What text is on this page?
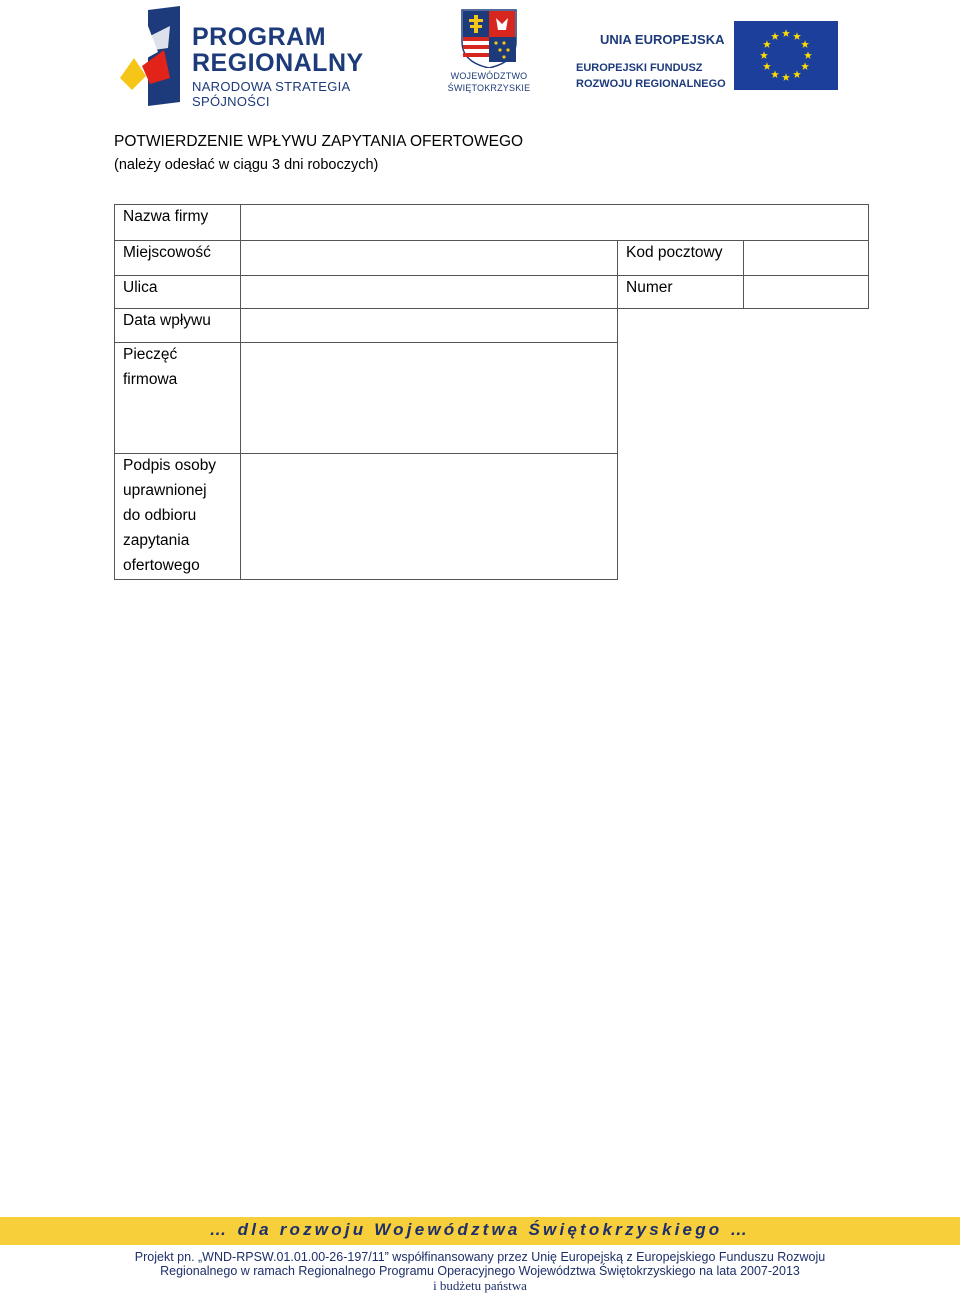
PROGRAM
REGIONALNY
NARODOWA STRATEGIA SPÓJNOŚCI
WOJEWÓDZTWO
ŚWIĘTOKRZYSKIE
UNIA EUROPEJSKA
EUROPEJSKI FUNDUSZ
ROZWOJU REGIONALNEGO
POTWIERDZENIE WPŁYWU ZAPYTANIA OFERTOWEGO
(należy odesłać w ciągu 3 dni roboczych)
Nazwa firmy
Miejscowość	Kod pocztowy
Ulica	Numer
Data wpływu
Pieczęć
firmowa
Podpis osoby
uprawnionej
do odbioru
zapytania
ofertowego
… dla rozwoju Województwa Świętokrzyskiego …
Projekt pn. „WND-RPSW.01.01.00-26-197/11” współfinansowany przez Unię Europejską z Europejskiego Funduszu Rozwoju
Regionalnego w ramach Regionalnego Programu Operacyjnego Województwa Świętokrzyskiego na lata 2007-2013
i budżetu państwa
